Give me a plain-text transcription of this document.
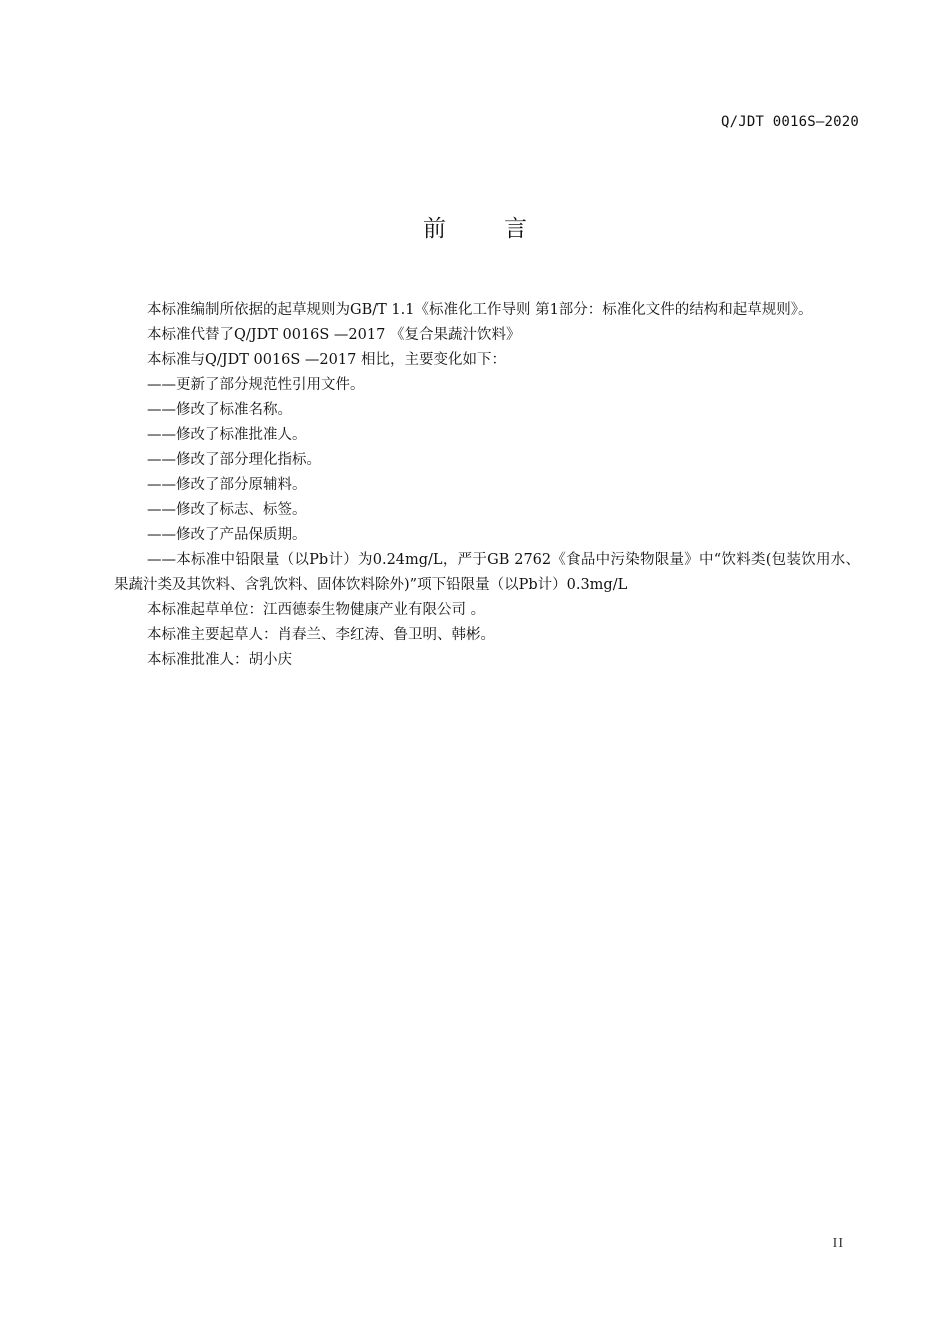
Q/JDT 0016S—2020
前	言

本标准编制所依据的起草规则为GB/T 1.1《标准化工作导则 第1部分：标准化文件的结构和起草规则》。

本标准代替了Q/JDT 0016S —2017 《复合果蔬汁饮料》

本标准与Q/JDT 0016S —2017 相比，主要变化如下：

——更新了部分规范性引用文件。

——修改了标准名称。

——修改了标准批准人。

——修改了部分理化指标。

——修改了部分原辅料。

——修改了标志、标签。

——修改了产品保质期。

——本标准中铅限量（以Pb计）为0.24mg/L，严于GB 2762《食品中污染物限量》中“饮料类(包装饮用水、果蔬汁类及其饮料、含乳饮料、固体饮料除外)”项下铅限量（以Pb计）0.3mg/L

本标准起草单位：江西德泰生物健康产业有限公司 。

本标准主要起草人：肖春兰、李红涛、鲁卫明、韩彬。

本标准批准人：胡小庆

II
